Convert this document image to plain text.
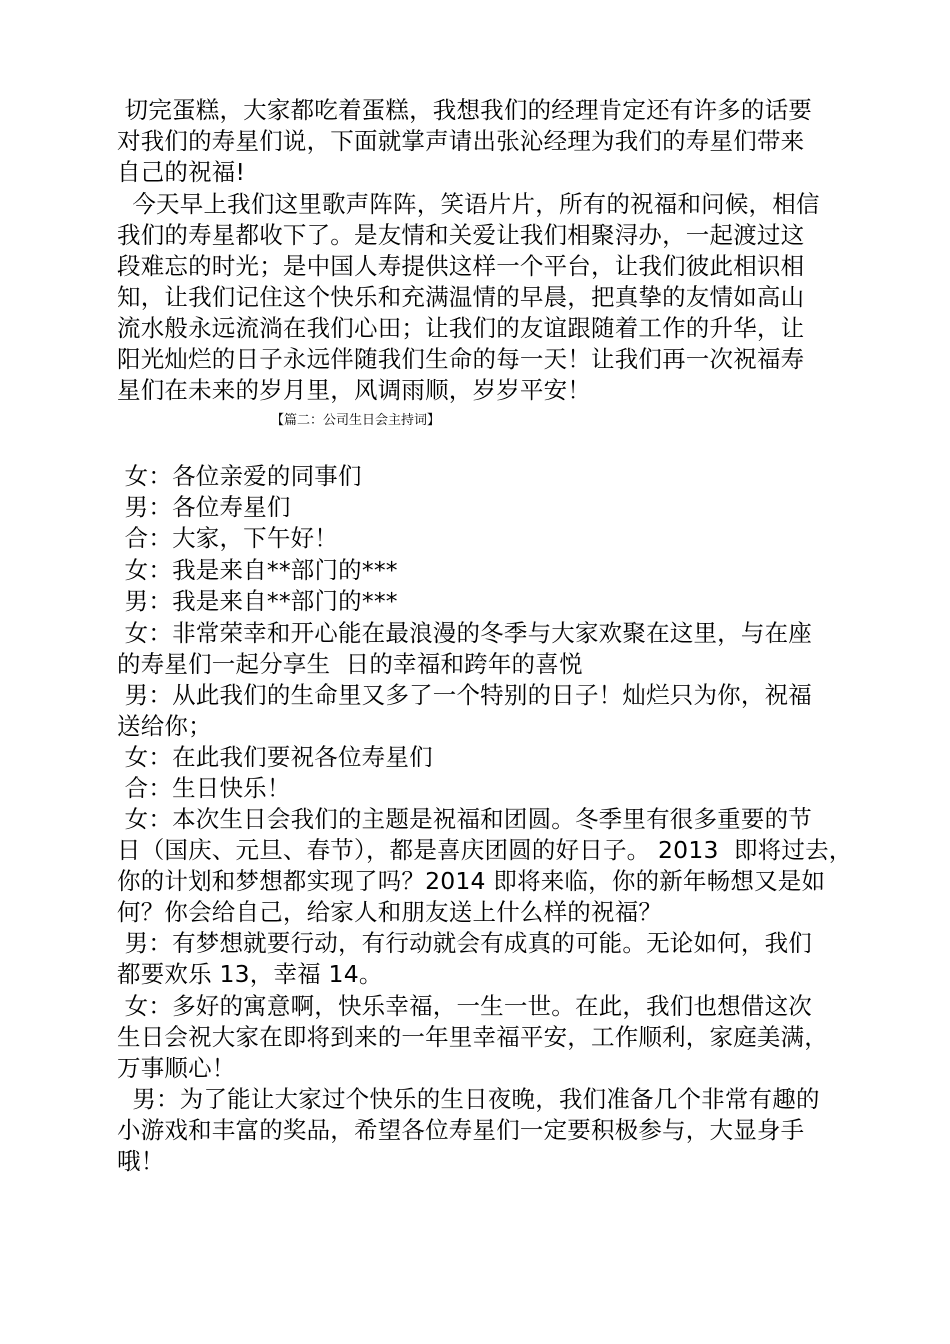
切完蛋糕，大家都吃着蛋糕，我想我们的经理肯定还有许多的话要
对我们的寿星们说，下面就掌声请出张沁经理为我们的寿星们带来
自己的祝福!
今天早上我们这里歌声阵阵，笑语片片，所有的祝福和问候，相信
我们的寿星都收下了。是友情和关爱让我们相聚浔办，一起渡过这
段难忘的时光；是中国人寿提供这样一个平台，让我们彼此相识相
知，让我们记住这个快乐和充满温情的早晨，把真挚的友情如高山
流水般永远流淌在我们心田；让我们的友谊跟随着工作的升华，让
阳光灿烂的日子永远伴随我们生命的每一天！让我们再一次祝福寿
星们在未来的岁月里，风调雨顺，岁岁平安！
【篇二：公司生日会主持词】
女：各位亲爱的同事们
男：各位寿星们
合：大家，下午好！
女：我是来自**部门的***
男：我是来自**部门的***
女：非常荣幸和开心能在最浪漫的冬季与大家欢聚在这里，与在座
的寿星们一起分享生  日的幸福和跨年的喜悦
男：从此我们的生命里又多了一个特别的日子！灿烂只为你，祝福
送给你；
女：在此我们要祝各位寿星们
合：生日快乐！
女：本次生日会我们的主题是祝福和团圆。冬季里有很多重要的节
日（国庆、元旦、春节），都是喜庆团圆的好日子。 2013  即将过去，
你的计划和梦想都实现了吗？2014 即将来临，你的新年畅想又是如
何？你会给自己，给家人和朋友送上什么样的祝福？
男：有梦想就要行动，有行动就会有成真的可能。无论如何，我们
都要欢乐 13，幸福 14。
女：多好的寓意啊，快乐幸福，一生一世。在此，我们也想借这次
生日会祝大家在即将到来的一年里幸福平安，工作顺利，家庭美满，
万事顺心！
男：为了能让大家过个快乐的生日夜晚，我们准备几个非常有趣的
小游戏和丰富的奖品，希望各位寿星们一定要积极参与，大显身手
哦！
